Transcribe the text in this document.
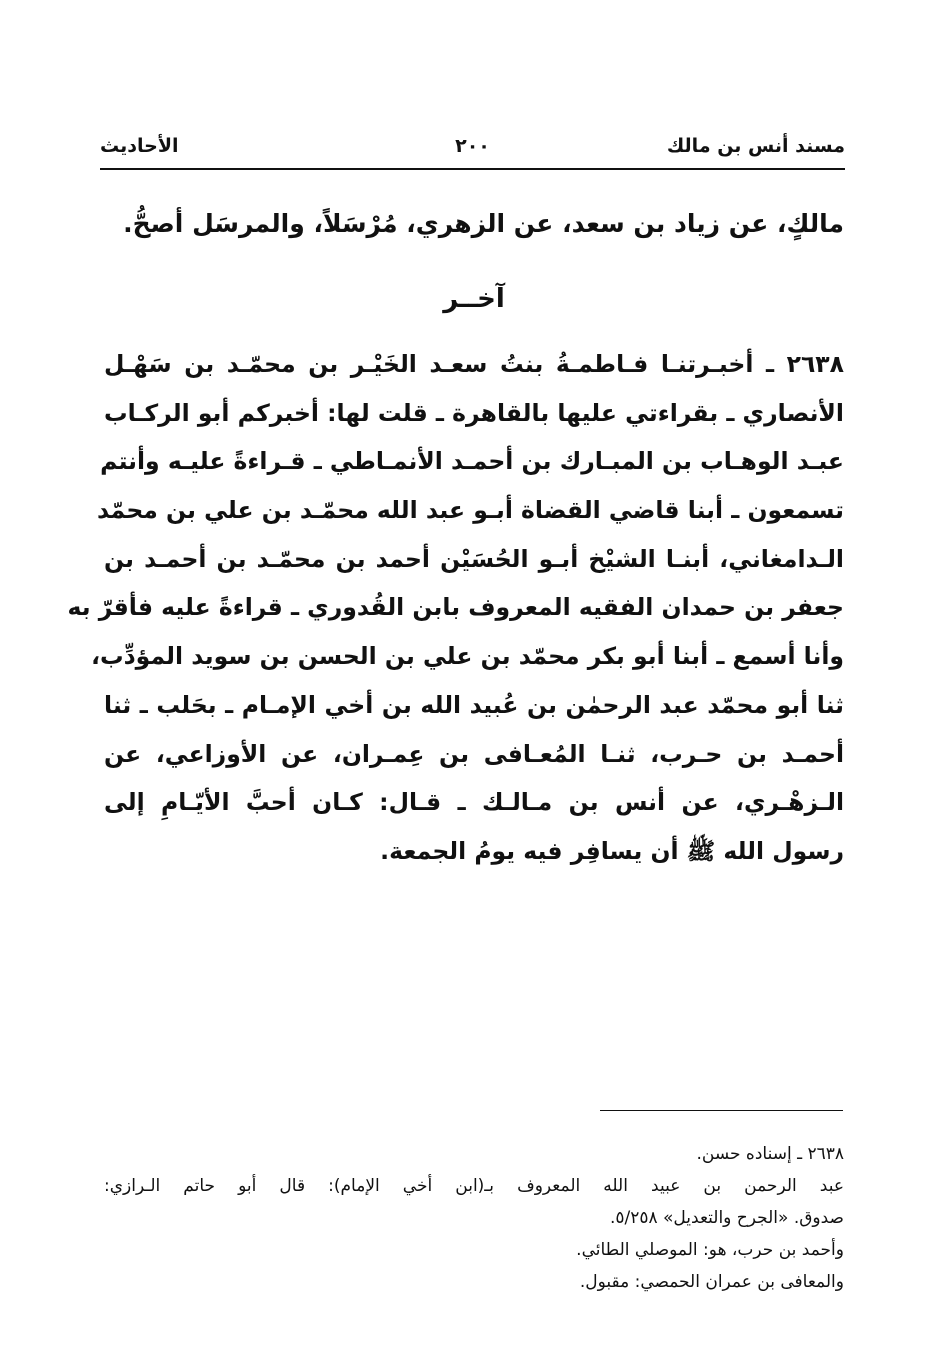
مسند أنس بن مالك
٢٠٠
الأحاديث
مالكٍ، عن زياد بن سعد، عن الزهري، مُرْسَلاً، والمرسَل أصحُّ.
آخــر
٢٦٣٨ ـ أخبـرتنـا فـاطمـةُ بنتُ سعـد الخَيْـر بن محمّـد بن سَهْـل
الأنصاري ـ بقراءتي عليها بالقاهرة ـ قلت لها: أخبركم أبو الركـاب
عبـد الوهـاب بن المبـارك بن أحمـد الأنمـاطي ـ قـراءةً عليـه وأنتم
تسمعون ـ أبنا قاضي القضاة أبـو عبد الله محمّـد بن علي بن محمّد
الـدامغاني، أبنـا الشيْخ أبـو الحُسَيْن أحمد بن محمّـد بن أحمـد بن
جعفر بن حمدان الفقيه المعروف بابن القُدوري ـ قراءةً عليه فأقرّ به
وأنا أسمع ـ أبنا أبو بكر محمّد بن علي بن الحسن بن سويد المؤدِّب،
ثنا أبو محمّد عبد الرحمٰن بن عُبيد الله بن أخي الإمـام ـ بحَلب ـ ثنا
أحمـد بن حـرب، ثنـا المُعـافى بن عِمـران، عن الأوزاعي، عن
الـزهْـري، عن أنس بن مـالـك ـ قـال: كـان أحبَّ الأيّـامِ إلى
رسول الله ﷺ أن يسافِر فيه يومُ الجمعة.
٢٦٣٨ ـ إسناده حسن.
عبد الرحمن بن عبيد الله المعروف بـ(ابن أخي الإمام): قال أبو حاتم الـرازي:
صدوق. «الجرح والتعديل» ٥/٢٥٨.
وأحمد بن حرب، هو: الموصلي الطائي.
والمعافى بن عمران الحمصي: مقبول.
